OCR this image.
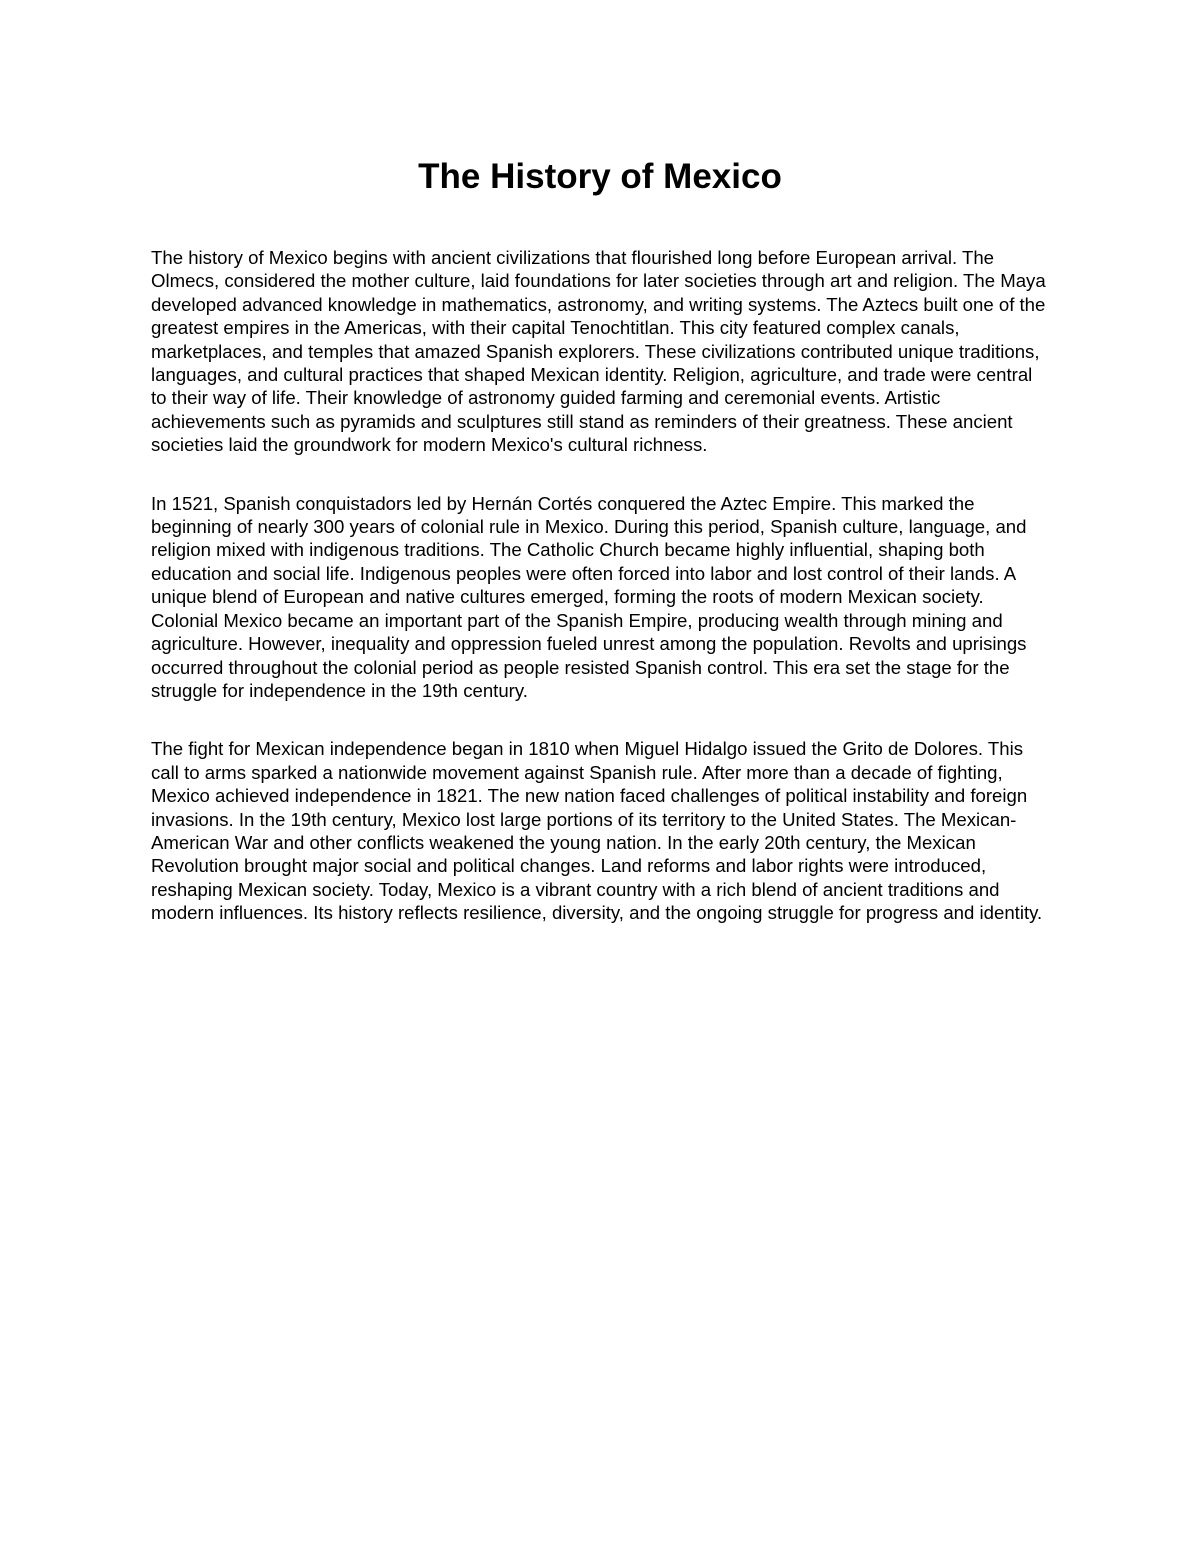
The History of Mexico

The history of Mexico begins with ancient civilizations that flourished long before European arrival. The Olmecs, considered the mother culture, laid foundations for later societies through art and religion. The Maya developed advanced knowledge in mathematics, astronomy, and writing systems. The Aztecs built one of the greatest empires in the Americas, with their capital Tenochtitlan. This city featured complex canals, marketplaces, and temples that amazed Spanish explorers. These civilizations contributed unique traditions, languages, and cultural practices that shaped Mexican identity. Religion, agriculture, and trade were central to their way of life. Their knowledge of astronomy guided farming and ceremonial events. Artistic achievements such as pyramids and sculptures still stand as reminders of their greatness. These ancient societies laid the groundwork for modern Mexico's cultural richness.

In 1521, Spanish conquistadors led by Hernán Cortés conquered the Aztec Empire. This marked the beginning of nearly 300 years of colonial rule in Mexico. During this period, Spanish culture, language, and religion mixed with indigenous traditions. The Catholic Church became highly influential, shaping both education and social life. Indigenous peoples were often forced into labor and lost control of their lands. A unique blend of European and native cultures emerged, forming the roots of modern Mexican society. Colonial Mexico became an important part of the Spanish Empire, producing wealth through mining and agriculture. However, inequality and oppression fueled unrest among the population. Revolts and uprisings occurred throughout the colonial period as people resisted Spanish control. This era set the stage for the struggle for independence in the 19th century.

The fight for Mexican independence began in 1810 when Miguel Hidalgo issued the Grito de Dolores. This call to arms sparked a nationwide movement against Spanish rule. After more than a decade of fighting, Mexico achieved independence in 1821. The new nation faced challenges of political instability and foreign invasions. In the 19th century, Mexico lost large portions of its territory to the United States. The Mexican-American War and other conflicts weakened the young nation. In the early 20th century, the Mexican Revolution brought major social and political changes. Land reforms and labor rights were introduced, reshaping Mexican society. Today, Mexico is a vibrant country with a rich blend of ancient traditions and modern influences. Its history reflects resilience, diversity, and the ongoing struggle for progress and identity.
